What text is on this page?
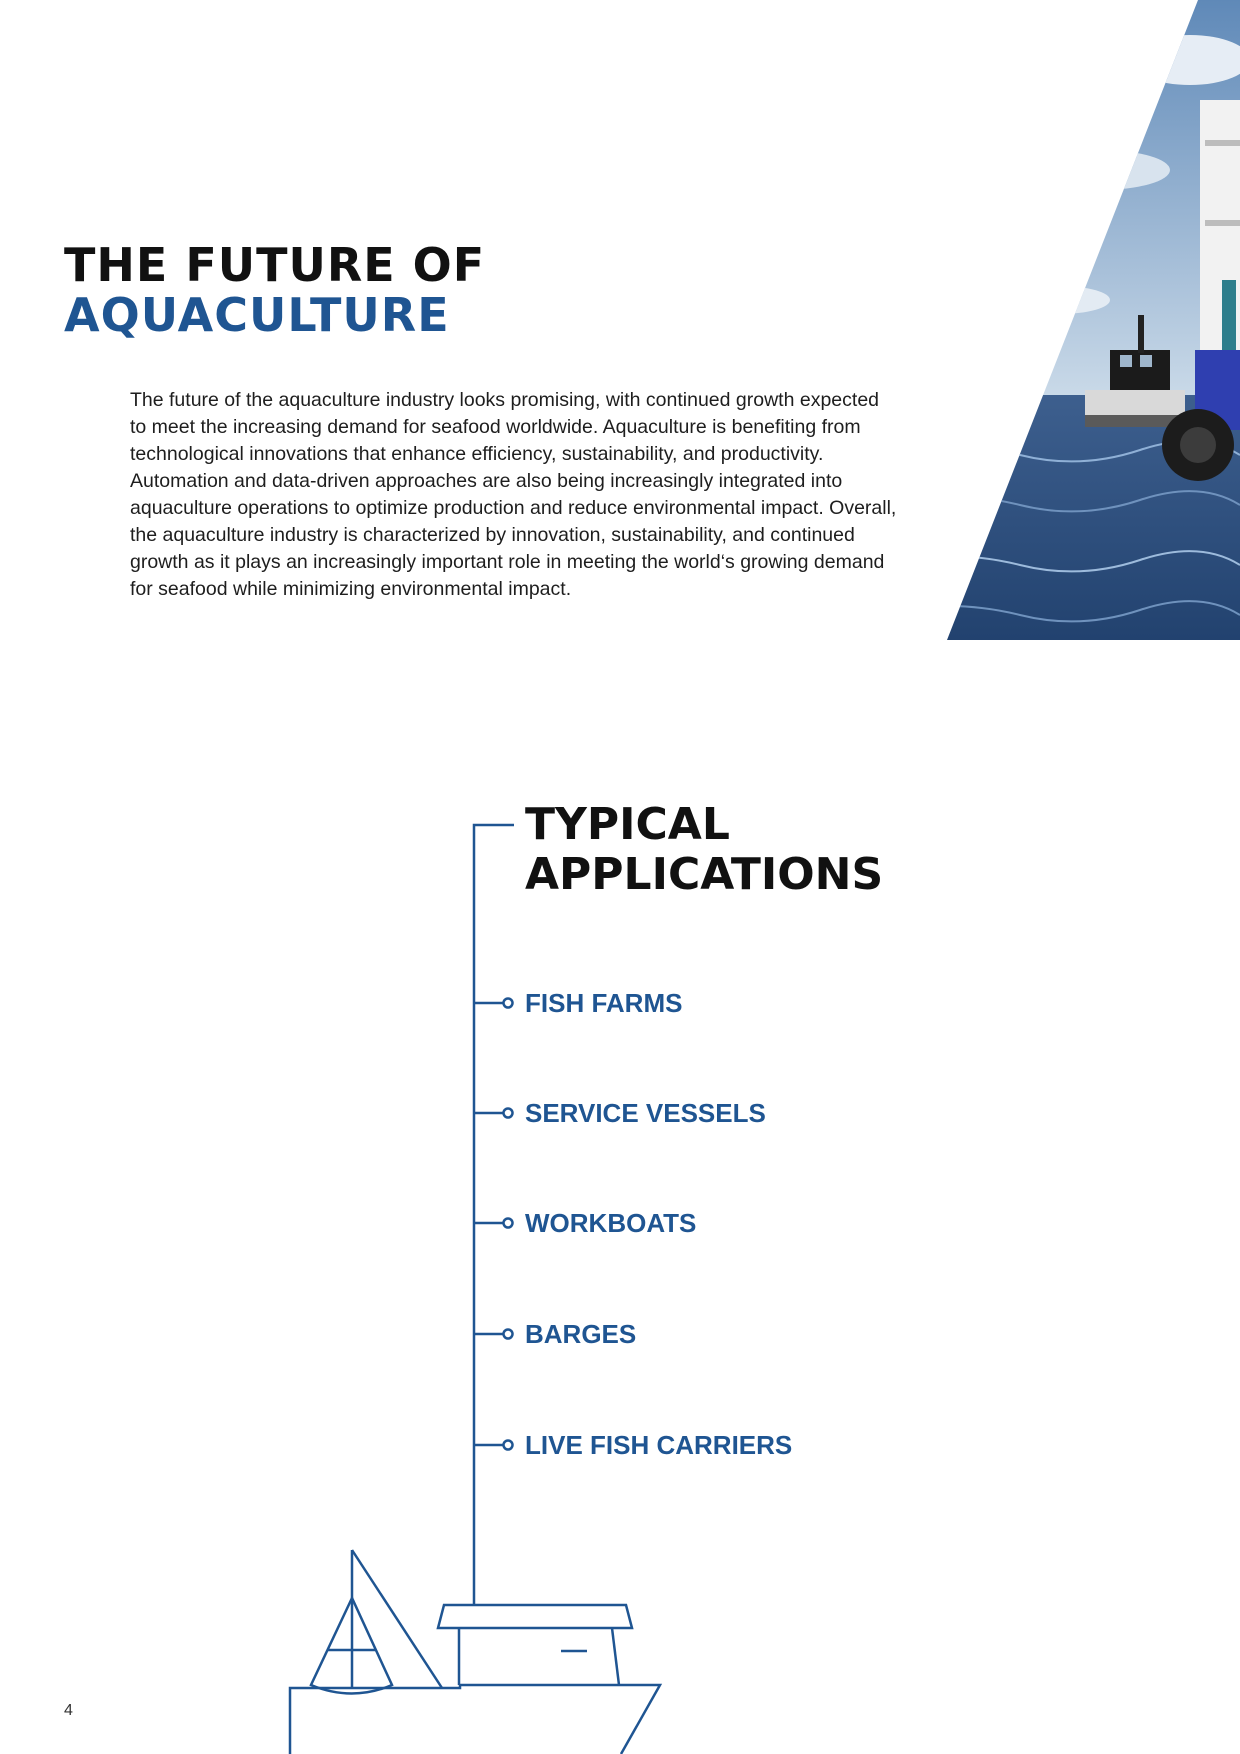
THE FUTURE OF
AQUACULTURE

The future of the aquaculture industry looks promising, with continued growth expected to meet the increasing demand for seafood worldwide. Aquaculture is benefiting from technological innovations that enhance efficiency, sustainability, and productivity. Automation and data-driven approaches are also being increasingly integrated into aquaculture operations to optimize production and reduce environmental impact. Overall, the aquaculture industry is characterized by innovation, sustainability, and continued growth as it plays an increasingly important role in meeting the world‘s growing demand for seafood while minimizing environmental impact.

TYPICAL
APPLICATIONS
FISH FARMS
SERVICE VESSELS
WORKBOATS
BARGES
LIVE FISH CARRIERS
4
